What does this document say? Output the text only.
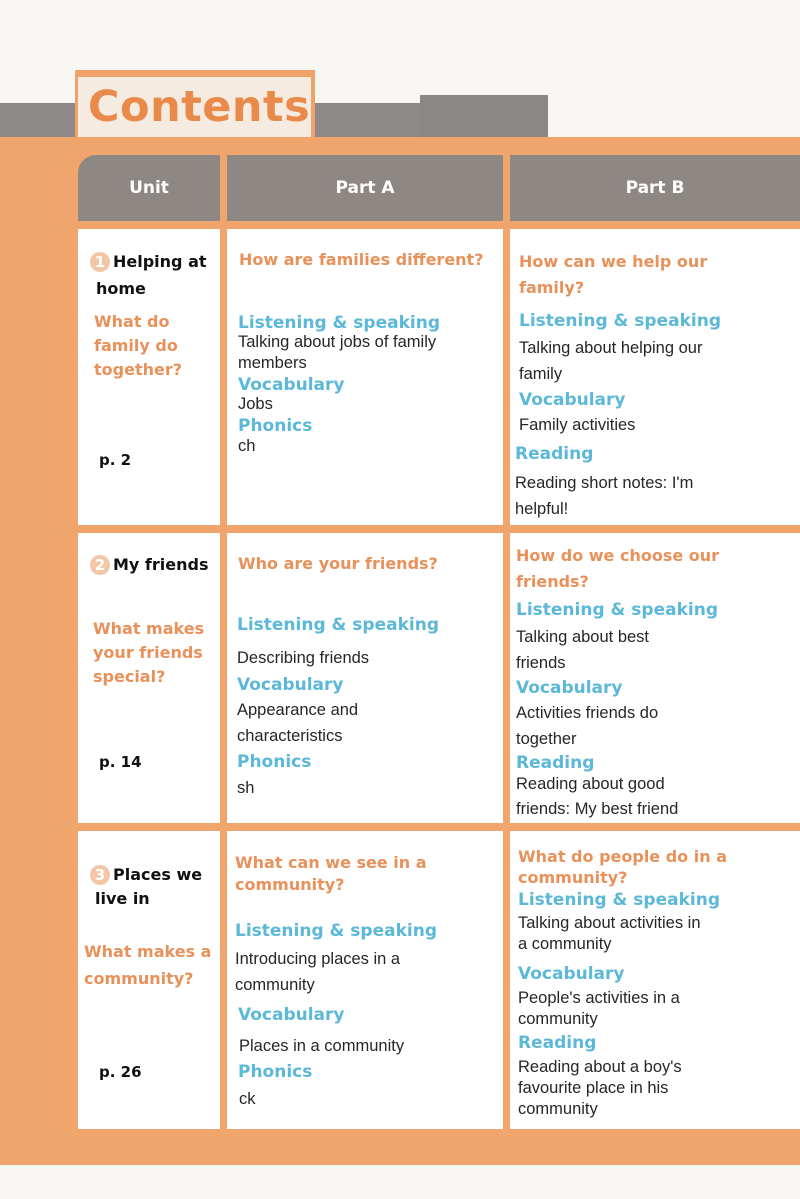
Contents
Unit	Part A	Part B
1 Helping at
home
What do
family do
together?
p. 2
How are families different?
Listening & speaking
Talking about jobs of family
members
Vocabulary
Jobs
Phonics
ch
How can we help our
family?
Listening & speaking
Talking about helping our
family
Vocabulary
Family activities
Reading
Reading short notes: I'm
helpful!
2 My friends
What makes
your friends
special?
p. 14
Who are your friends?
Listening & speaking
Describing friends
Vocabulary
Appearance and
characteristics
Phonics
sh
How do we choose our
friends?
Listening & speaking
Talking about best
friends
Vocabulary
Activities friends do
together
Reading
Reading about good
friends: My best friend
3 Places we
live in
What makes a
community?
p. 26
What can we see in a
community?
Listening & speaking
Introducing places in a
community
Vocabulary
Places in a community
Phonics
ck
What do people do in a
community?
Listening & speaking
Talking about activities in
a community
Vocabulary
People's activities in a
community
Reading
Reading about a boy's
favourite place in his
community
